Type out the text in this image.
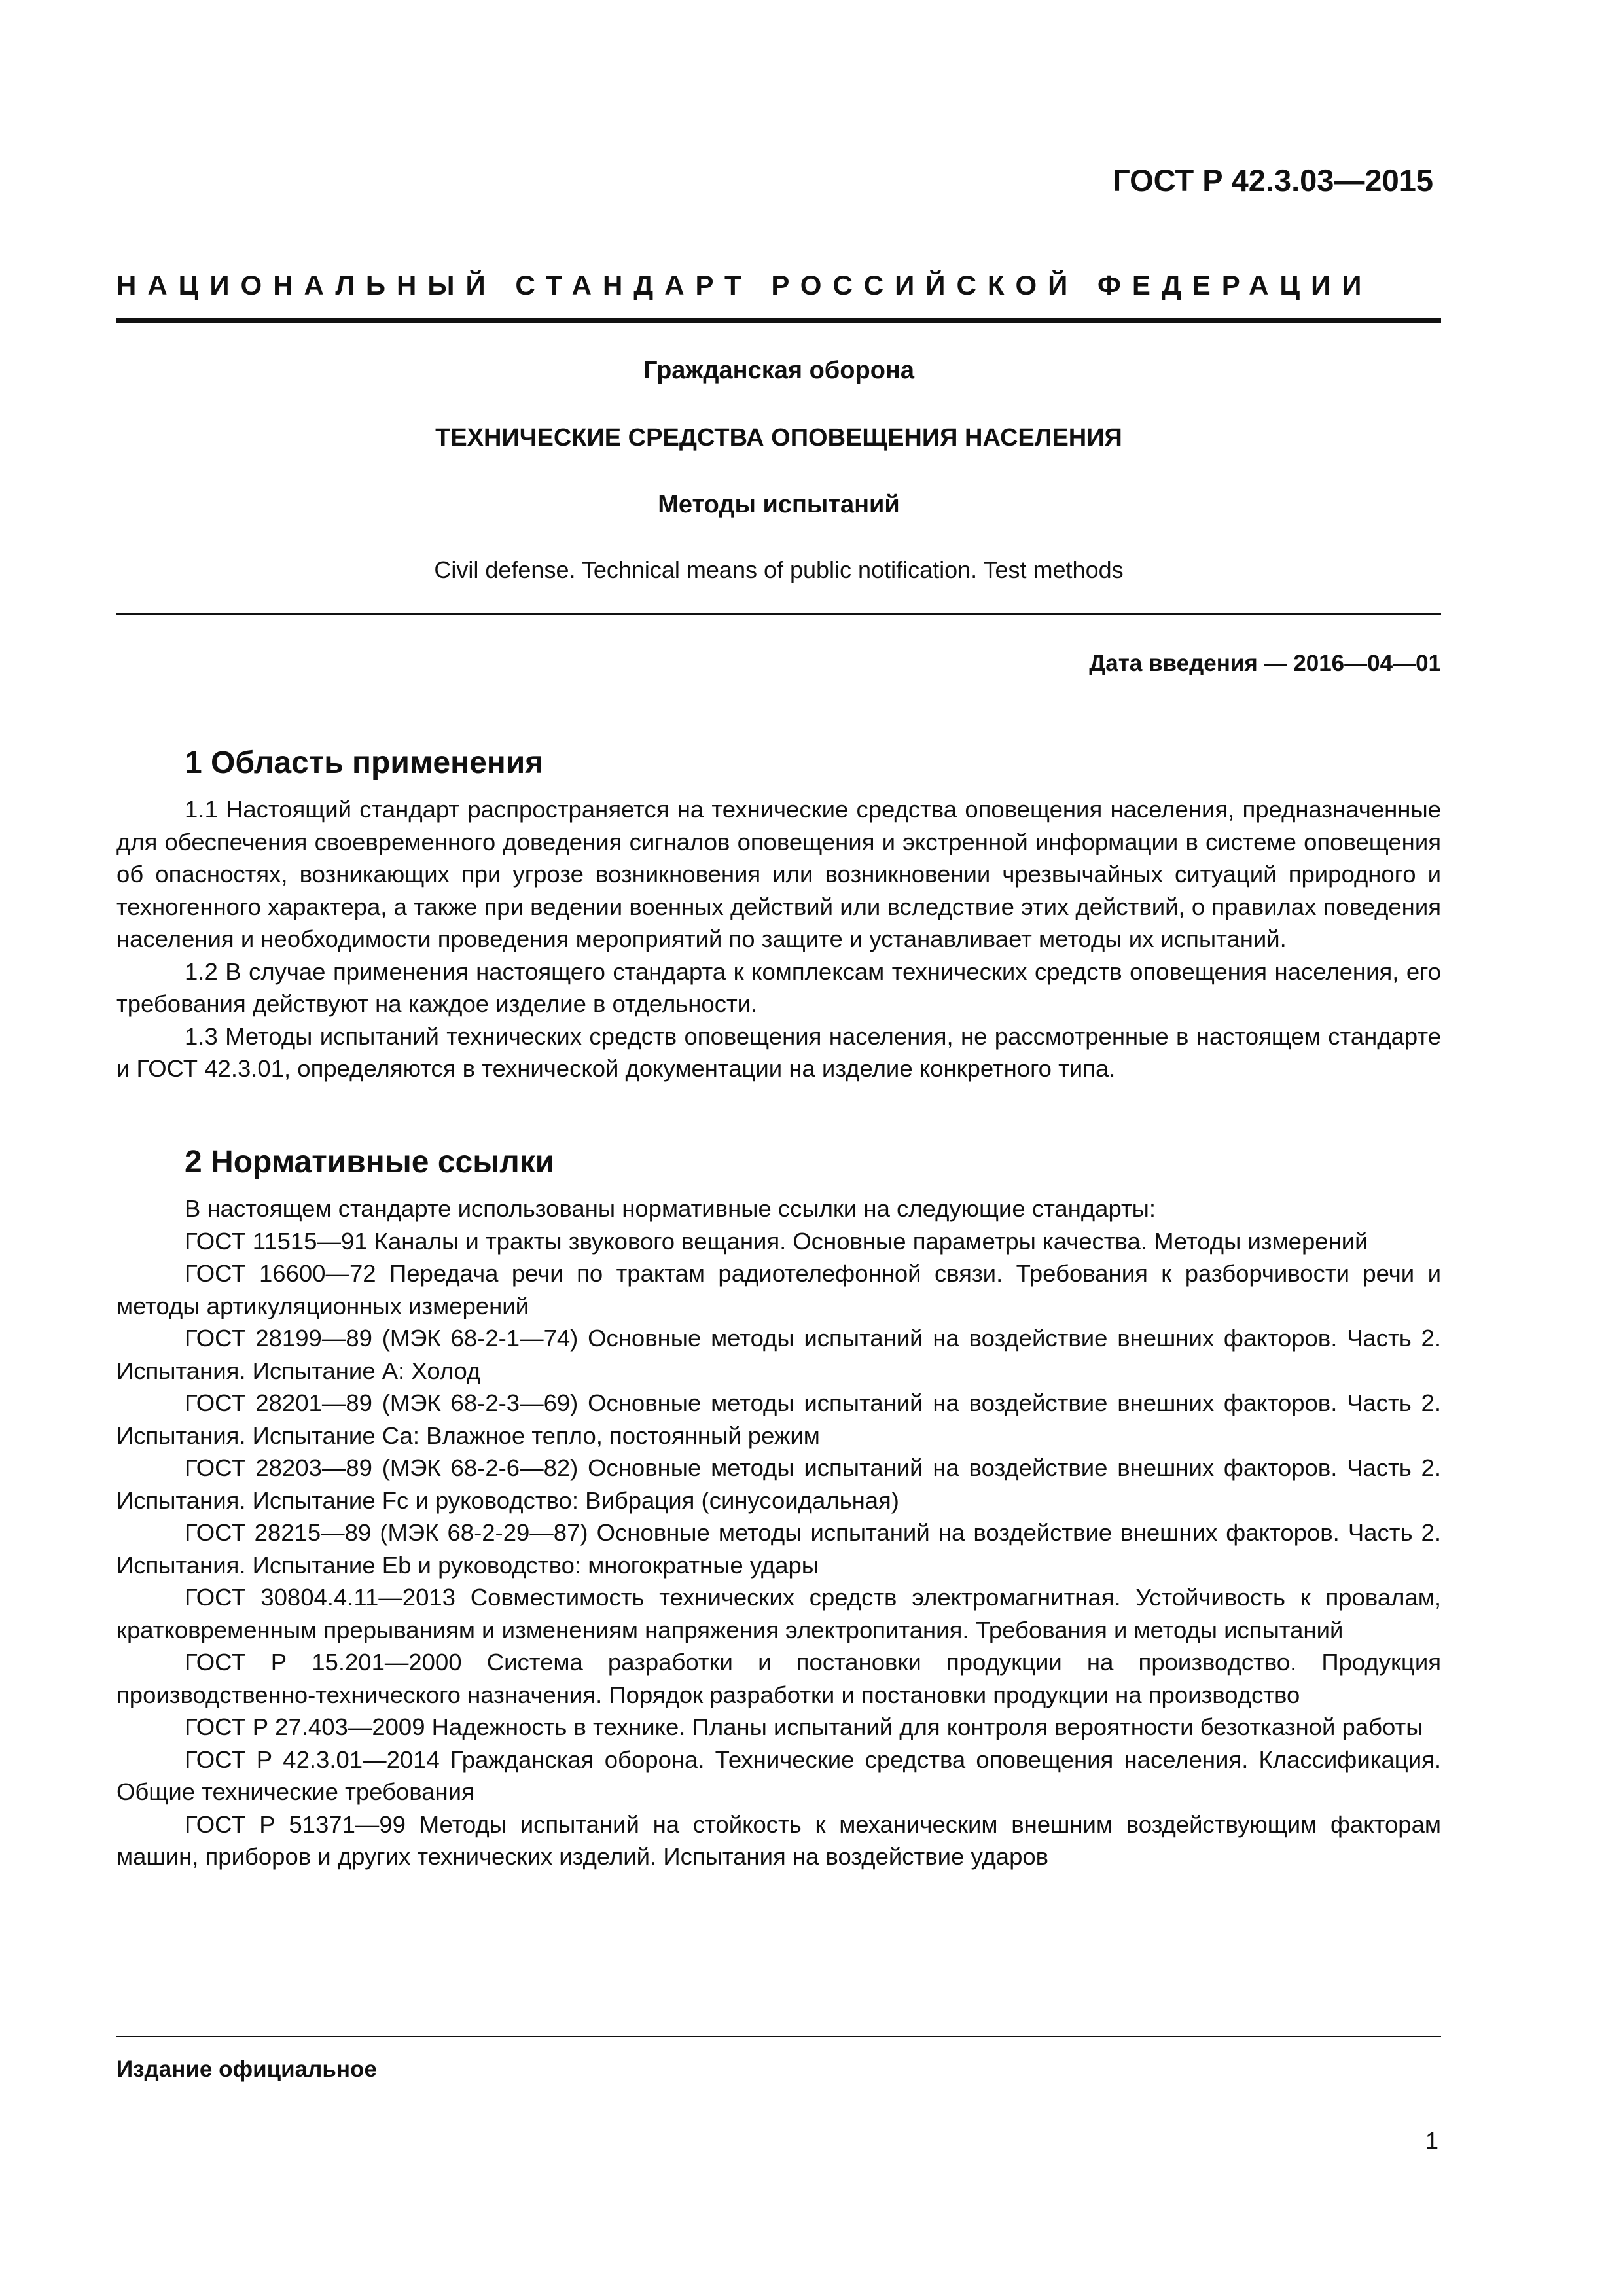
ГОСТ Р 42.3.03—2015
НАЦИОНАЛЬНЫЙ СТАНДАРТ РОССИЙСКОЙ ФЕДЕРАЦИИ
Гражданская оборона
ТЕХНИЧЕСКИЕ СРЕДСТВА ОПОВЕЩЕНИЯ НАСЕЛЕНИЯ
Методы испытаний
Civil defense. Technical means of public notification. Test methods
Дата введения — 2016—04—01
1 Область применения

1.1 Настоящий стандарт распространяется на технические средства оповещения населения, предназначенные для обеспечения своевременного доведения сигналов оповещения и экстренной информации в системе оповещения об опасностях, возникающих при угрозе возникновения или возникновении чрезвычайных ситуаций природного и техногенного характера, а также при ведении военных действий или вследствие этих действий, о правилах поведения населения и необходимости проведения мероприятий по защите и устанавливает методы их испытаний.

1.2 В случае применения настоящего стандарта к комплексам технических средств оповещения населения, его требования действуют на каждое изделие в отдельности.

1.3 Методы испытаний технических средств оповещения населения, не рассмотренные в настоящем стандарте и ГОСТ 42.3.01, определяются в технической документации на изделие конкретного типа.

2 Нормативные ссылки

В настоящем стандарте использованы нормативные ссылки на следующие стандарты:

ГОСТ 11515—91 Каналы и тракты звукового вещания. Основные параметры качества. Методы измерений

ГОСТ 16600—72 Передача речи по трактам радиотелефонной связи. Требования к разборчивости речи и методы артикуляционных измерений

ГОСТ 28199—89 (МЭК 68-2-1—74) Основные методы испытаний на воздействие внешних факторов. Часть 2. Испытания. Испытание А: Холод

ГОСТ 28201—89 (МЭК 68-2-3—69) Основные методы испытаний на воздействие внешних факторов. Часть 2. Испытания. Испытание Са: Влажное тепло, постоянный режим

ГОСТ 28203—89 (МЭК 68-2-6—82) Основные методы испытаний на воздействие внешних факторов. Часть 2. Испытания. Испытание Fc и руководство: Вибрация (синусоидальная)

ГОСТ 28215—89 (МЭК 68-2-29—87) Основные методы испытаний на воздействие внешних факторов. Часть 2. Испытания. Испытание Eb и руководство: многократные удары

ГОСТ 30804.4.11—2013 Совместимость технических средств электромагнитная. Устойчивость к провалам, кратковременным прерываниям и изменениям напряжения электропитания. Требования и методы испытаний

ГОСТ Р 15.201—2000 Система разработки и постановки продукции на производство. Продукция производственно-технического назначения. Порядок разработки и постановки продукции на производство

ГОСТ Р 27.403—2009 Надежность в технике. Планы испытаний для контроля вероятности безотказной работы

ГОСТ Р 42.3.01—2014 Гражданская оборона. Технические средства оповещения населения. Классификация. Общие технические требования

ГОСТ Р 51371—99 Методы испытаний на стойкость к механическим внешним воздействующим факторам машин, приборов и других технических изделий. Испытания на воздействие ударов

Издание официальное
1
